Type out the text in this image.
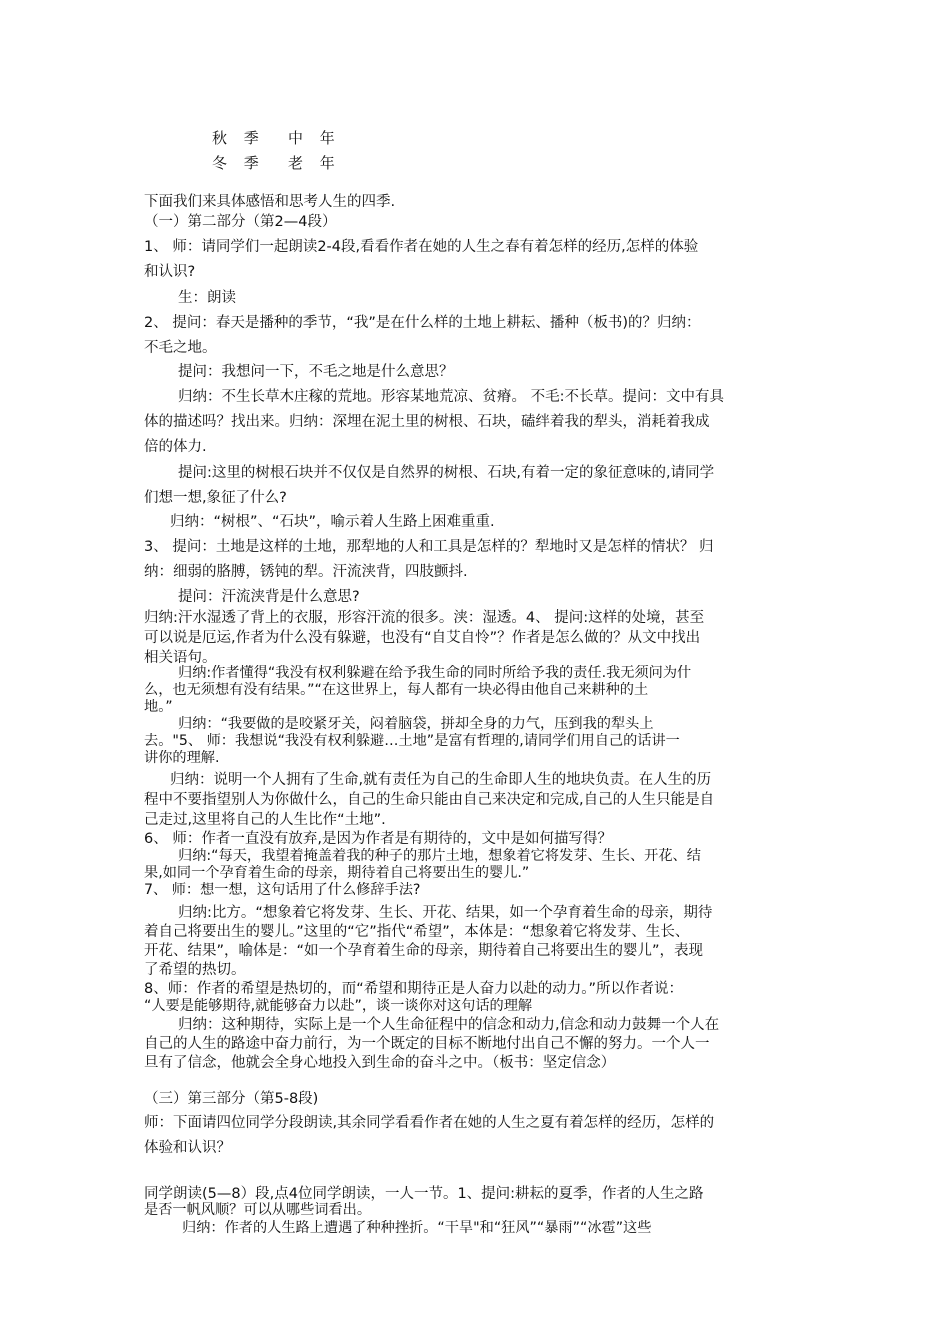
秋 季 中 年
冬 季 老 年
下面我们来具体感悟和思考人生的四季.
（一）第二部分（第2—4段）
1、 师：请同学们一起朗读2-4段,看看作者在她的人生之春有着怎样的经历,怎样的体验
和认识?
生：朗读
2、 提问：春天是播种的季节，“我”是在什么样的土地上耕耘、播种（板书)的？归纳：
不毛之地。
提问：我想问一下，不毛之地是什么意思？
归纳：不生长草木庄稼的荒地。形容某地荒凉、贫瘠。 不毛:不长草。提问：文中有具
体的描述吗？找出来。归纳：深埋在泥土里的树根、石块，磕绊着我的犁头，消耗着我成
倍的体力.
提问:这里的树根石块并不仅仅是自然界的树根、石块,有着一定的象征意味的,请同学
们想一想,象征了什么?
归纳：“树根”、“石块”，喻示着人生路上困难重重.
3、 提问：土地是这样的土地，那犁地的人和工具是怎样的？犁地时又是怎样的情状？ 归
纳：细弱的胳膊，锈钝的犁。汗流浃背，四肢颤抖.
提问：汗流浃背是什么意思?
归纳:汗水湿透了背上的衣服，形容汗流的很多。浃：湿透。4、 提问:这样的处境，甚至
可以说是厄运,作者为什么没有躲避，也没有“自艾自怜”？作者是怎么做的？从文中找出
相关语句。
归纳:作者懂得“我没有权利躲避在给予我生命的同时所给予我的责任.我无须问为什
么，也无须想有没有结果。”“在这世界上，每人都有一块必得由他自己来耕种的土
地。”
归纳：“我要做的是咬紧牙关，闷着脑袋，拼却全身的力气，压到我的犁头上
去。"5、 师：我想说“我没有权利躲避…土地”是富有哲理的,请同学们用自己的话讲一
讲你的理解.
归纳：说明一个人拥有了生命,就有责任为自己的生命即人生的地块负责。在人生的历
程中不要指望别人为你做什么，自己的生命只能由自己来决定和完成,自己的人生只能是自
己走过,这里将自己的人生比作“土地”.
6、 师：作者一直没有放弃,是因为作者是有期待的，文中是如何描写得？
归纳:“每天，我望着掩盖着我的种子的那片土地，想象着它将发芽、生长、开花、结
果,如同一个孕育着生命的母亲，期待着自己将要出生的婴儿.”
7、 师：想一想，这句话用了什么修辞手法?
归纳:比方。“想象着它将发芽、生长、开花、结果，如一个孕育着生命的母亲，期待
着自己将要出生的婴儿。”这里的“它”指代“希望”，本体是：“想象着它将发芽、生长、
开花、结果”，喻体是：“如一个孕育着生命的母亲，期待着自己将要出生的婴儿”，表现
了希望的热切。
8、师：作者的希望是热切的，而“希望和期待正是人奋力以赴的动力。”所以作者说：
“人要是能够期待,就能够奋力以赴”，谈一谈你对这句话的理解
归纳：这种期待，实际上是一个人生命征程中的信念和动力,信念和动力鼓舞一个人在
自己的人生的路途中奋力前行，为一个既定的目标不断地付出自己不懈的努力。一个人一
旦有了信念，他就会全身心地投入到生命的奋斗之中。（板书：坚定信念）
（三）第三部分（第5-8段)
师：下面请四位同学分段朗读,其余同学看看作者在她的人生之夏有着怎样的经历，怎样的
体验和认识？
同学朗读(5—8）段,点4位同学朗读，一人一节。1、提问:耕耘的夏季，作者的人生之路
是否一帆风顺？可以从哪些词看出。
归纳：作者的人生路上遭遇了种种挫折。“干旱"和“狂风”“暴雨”“冰雹”这些
